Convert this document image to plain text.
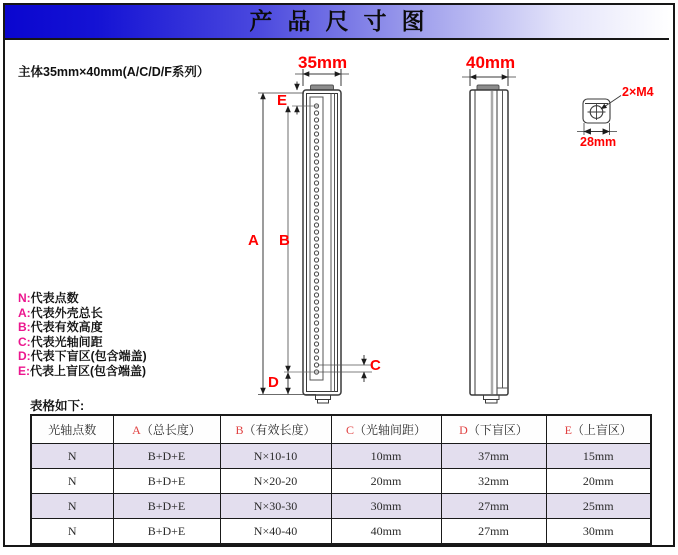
产品尺寸图
主体35mm×40mm(A/C/D/F系列）	35mm	40mm
A B
E
D
C
2×M4
28mm
N:代表点数
A:代表外壳总长
B:代表有效高度
C:代表光轴间距
D:代表下盲区(包含端盖)
E:代表上盲区(包含端盖)
表格如下:
光轴点数	A（总长度）	B（有效长度）	C（光轴间距）	D（下盲区）	E（上盲区）
N	B+D+E	N×10-10	10mm	37mm	15mm
N	B+D+E	N×20-20	20mm	32mm	20mm
N	B+D+E	N×30-30	30mm	27mm	25mm
N	B+D+E	N×40-40	40mm	27mm	30mm
